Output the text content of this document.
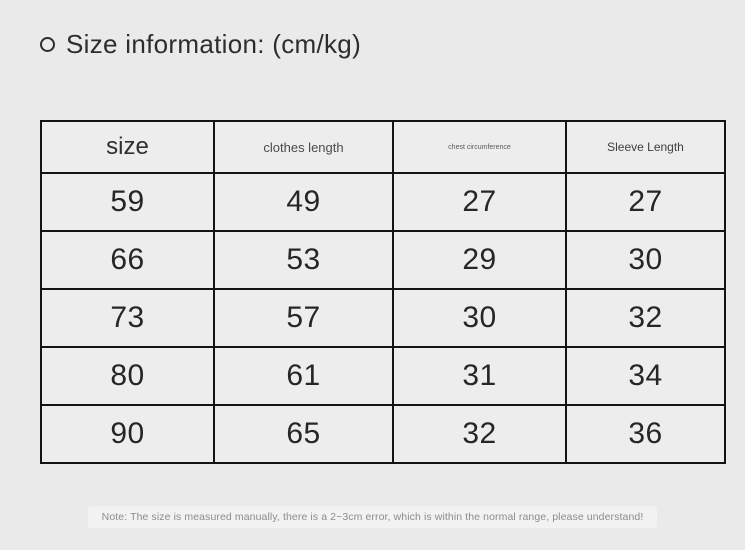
Size information: (cm/kg)
size	clothes length	chest circumference	Sleeve Length
59	49	27	27
66	53	29	30
73	57	30	32
80	61	31	34
90	65	32	36
Note: The size is measured manually, there is a 2~3cm error, which is within the normal range, please understand!
